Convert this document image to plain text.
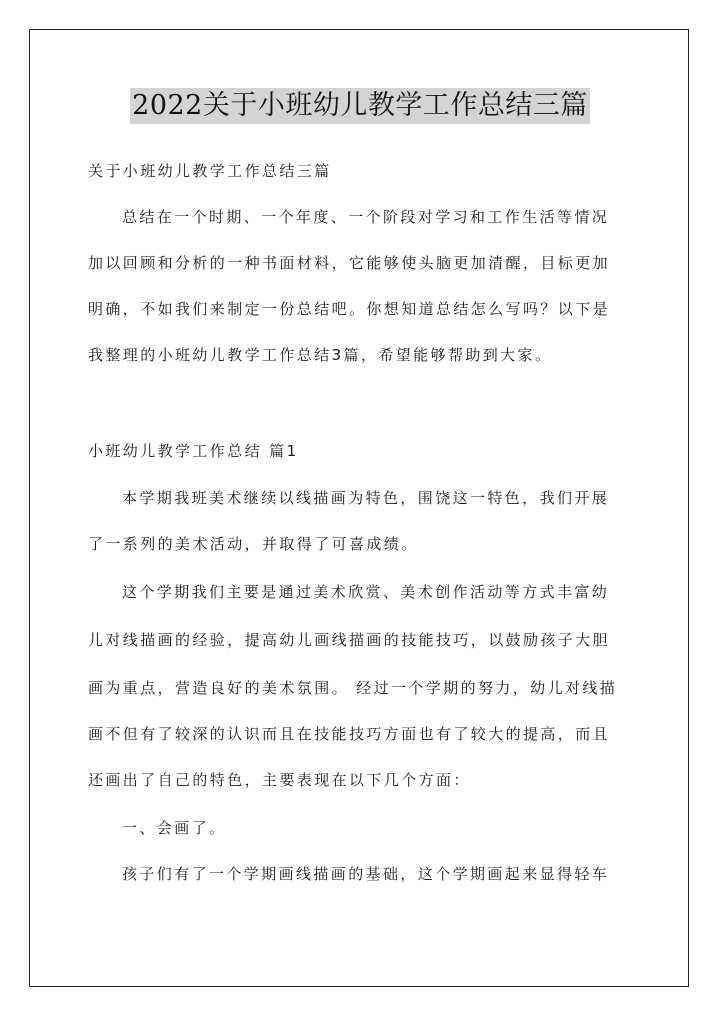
2022关于小班幼儿教学工作总结三篇
关于小班幼儿教学工作总结三篇
总结在一个时期、一个年度、一个阶段对学习和工作生活等情况
加以回顾和分析的一种书面材料，它能够使头脑更加清醒，目标更加
明确，不如我们来制定一份总结吧。你想知道总结怎么写吗？以下是
我整理的小班幼儿教学工作总结3篇，希望能够帮助到大家。
小班幼儿教学工作总结 篇1
本学期我班美术继续以线描画为特色，围饶这一特色，我们开展
了一系列的美术活动，并取得了可喜成绩。
这个学期我们主要是通过美术欣赏、美术创作活动等方式丰富幼
儿对线描画的经验，提高幼儿画线描画的技能技巧，以鼓励孩子大胆
画为重点，营造良好的美术氛围。 经过一个学期的努力，幼儿对线描
画不但有了较深的认识而且在技能技巧方面也有了较大的提高，而且
还画出了自己的特色，主要表现在以下几个方面：
一、会画了。
孩子们有了一个学期画线描画的基础，这个学期画起来显得轻车
